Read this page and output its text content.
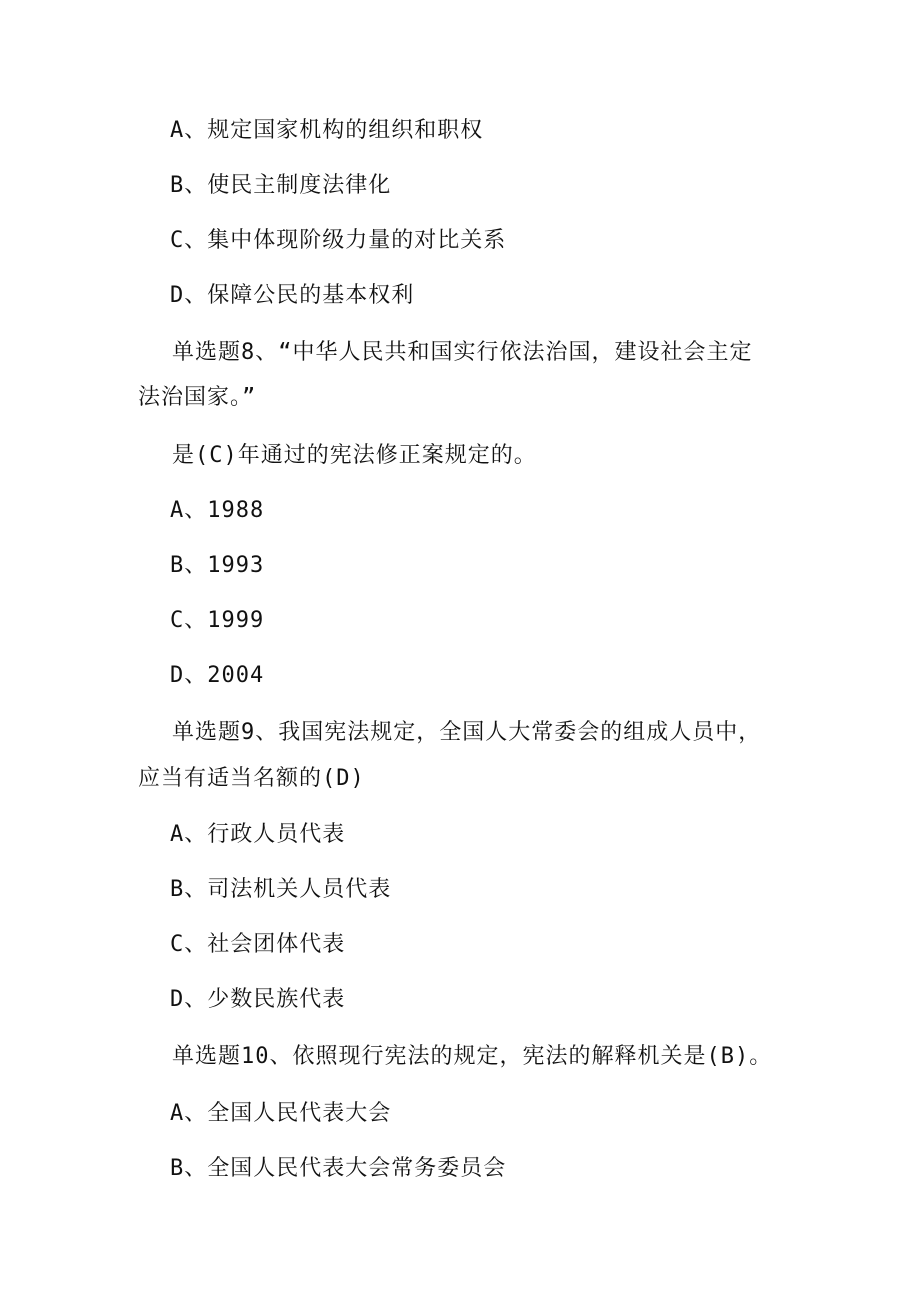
A、规定国家机构的组织和职权
B、使民主制度法律化
C、集中体现阶级力量的对比关系
D、保障公民的基本权利
单选题8、“中华人民共和国实行依法治国，建设社会主定
法治国家。”
是(C)年通过的宪法修正案规定的。
A、1988
B、1993
C、1999
D、2004
单选题9、我国宪法规定，全国人大常委会的组成人员中，
应当有适当名额的(D)
A、行政人员代表
B、司法机关人员代表
C、社会团体代表
D、少数民族代表
单选题10、依照现行宪法的规定，宪法的解释机关是(B)。
A、全国人民代表大会
B、全国人民代表大会常务委员会
